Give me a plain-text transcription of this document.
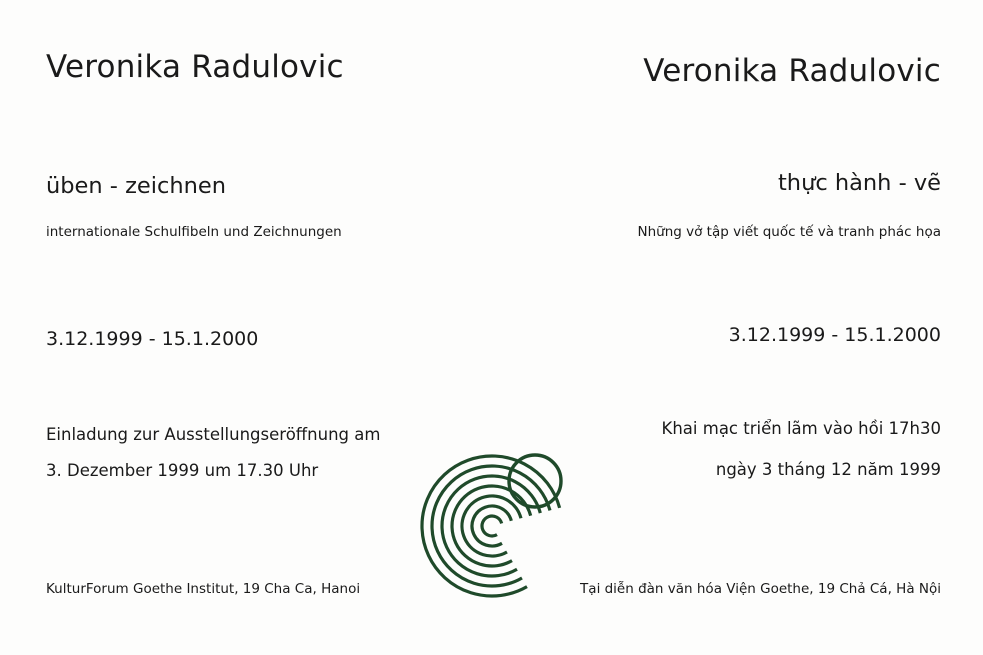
Veronika Radulovic
üben - zeichnen
internationale Schulfibeln und Zeichnungen
3.12.1999 - 15.1.2000
Einladung zur Ausstellungseröffnung am
3. Dezember 1999 um 17.30 Uhr
KulturForum Goethe Institut, 19 Cha Ca, Hanoi
Veronika Radulovic
thực hành - vẽ
Những vở tập viết quốc tế và tranh phác họa
3.12.1999 - 15.1.2000
Khai mạc triển lãm vào hồi 17h30
ngày 3 tháng 12 năm 1999
Tại diễn đàn văn hóa Viện Goethe, 19 Chả Cá, Hà Nội
